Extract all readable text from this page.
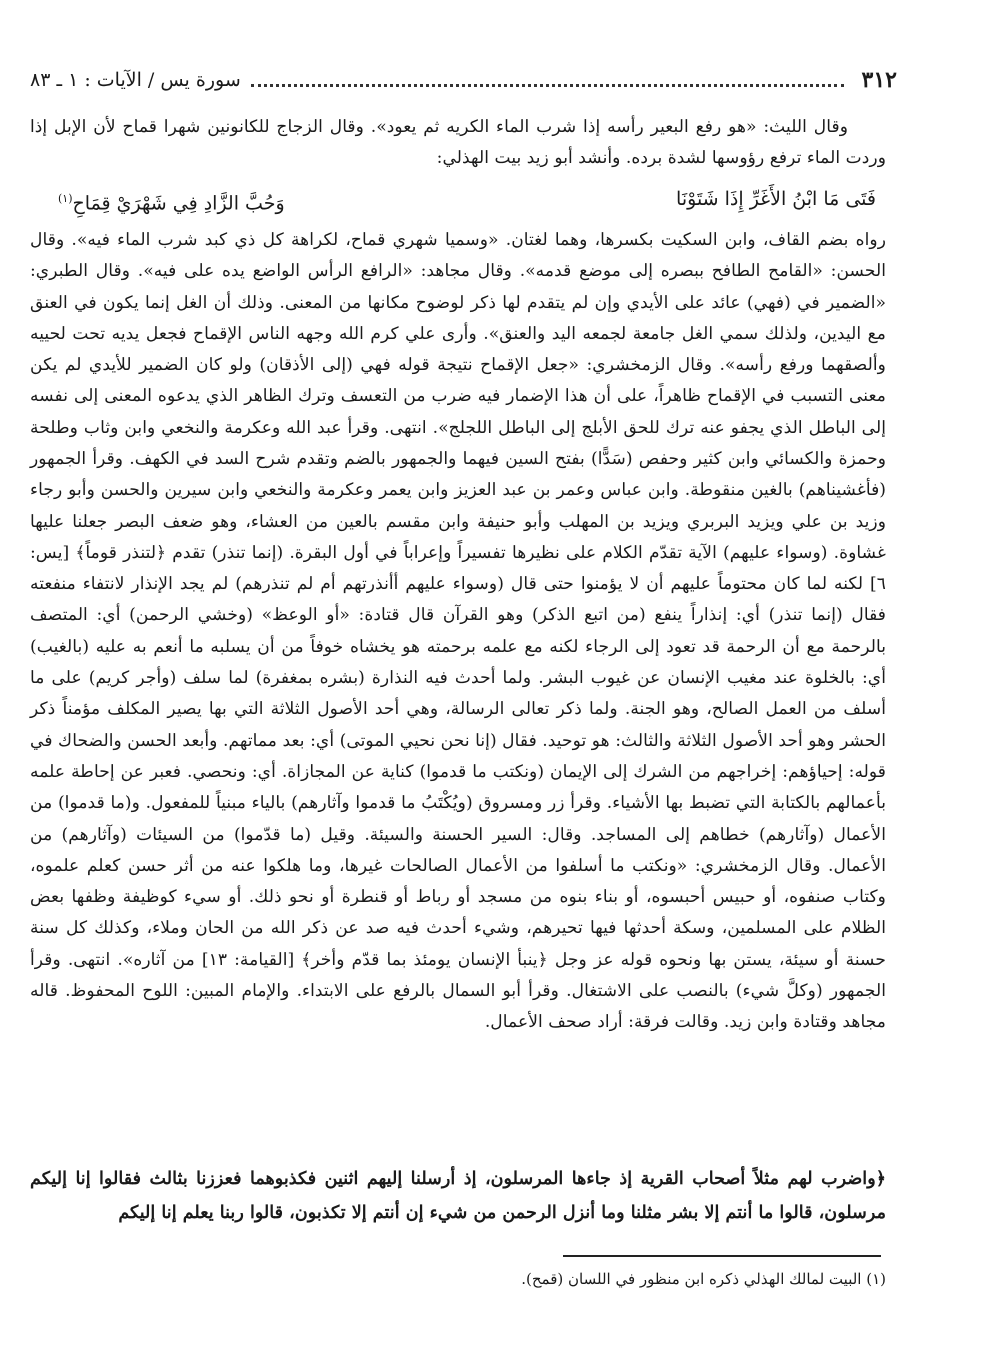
٣١٢
سورة يس / الآيات : ١ ـ ٨٣

وقال الليث: «هو رفع البعير رأسه إذا شرب الماء الكريه ثم يعود». وقال الزجاج للكانونين شهرا قماح لأن الإبل إذا وردت الماء ترفع رؤوسها لشدة برده. وأنشد أبو زيد بيت الهذلي:

فَتَى مَا ابْنُ الأَغَرِّ إِذَا شَتَوْنَا
وَحُبَّ الزَّادِ فِي شَهْرَيْ قِمَاحِ$^{(١)}$

رواه بضم القاف، وابن السكيت بكسرها، وهما لغتان. «وسميا شهري قماح، لكراهة كل ذي كبد شرب الماء فيه». وقال الحسن: «القامح الطافح ببصره إلى موضع قدمه». وقال مجاهد: «الرافع الرأس الواضع يده على فيه». وقال الطبري: «الضمير في (فهي) عائد على الأيدي وإن لم يتقدم لها ذكر لوضوح مكانها من المعنى. وذلك أن الغل إنما يكون في العنق مع اليدين، ولذلك سمي الغل جامعة لجمعه اليد والعنق». وأرى علي كرم الله وجهه الناس الإقماح فجعل يديه تحت لحييه وألصقهما ورفع رأسه». وقال الزمخشري: «جعل الإقماح نتيجة قوله فهي (إلى الأذقان) ولو كان الضمير للأيدي لم يكن معنى التسبب في الإقماح ظاهراً، على أن هذا الإضمار فيه ضرب من التعسف وترك الظاهر الذي يدعوه المعنى إلى نفسه إلى الباطل الذي يجفو عنه ترك للحق الأبلج إلى الباطل اللجلج». انتهى. وقرأ عبد الله وعكرمة والنخعي وابن وثاب وطلحة وحمزة والكسائي وابن كثير وحفص (سَدًّا) بفتح السين فيهما والجمهور بالضم وتقدم شرح السد في الكهف. وقرأ الجمهور (فأغشيناهم) بالغين منقوطة. وابن عباس وعمر بن عبد العزيز وابن يعمر وعكرمة والنخعي وابن سيرين والحسن وأبو رجاء وزيد بن علي ويزيد البربري ويزيد بن المهلب وأبو حنيفة وابن مقسم بالعين من العشاء، وهو ضعف البصر جعلنا عليها غشاوة. (وسواء عليهم) الآية تقدّم الكلام على نظيرها تفسيراً وإعراباً في أول البقرة. (إنما تنذر) تقدم ﴿لتنذر قوماً﴾ [يس: ٦] لكنه لما كان محتوماً عليهم أن لا يؤمنوا حتى قال (وسواء عليهم أأنذرتهم أم لم تنذرهم) لم يجد الإنذار لانتفاء منفعته فقال (إنما تنذر) أي: إنذاراً ينفع (من اتبع الذكر) وهو القرآن قال قتادة: «أو الوعظ» (وخشي الرحمن) أي: المتصف بالرحمة مع أن الرحمة قد تعود إلى الرجاء لكنه مع علمه برحمته هو يخشاه خوفاً من أن يسلبه ما أنعم به عليه (بالغيب) أي: بالخلوة عند مغيب الإنسان عن غيوب البشر. ولما أحدث فيه النذارة (بشره بمغفرة) لما سلف (وأجر كريم) على ما أسلف من العمل الصالح، وهو الجنة. ولما ذكر تعالى الرسالة، وهي أحد الأصول الثلاثة التي بها يصير المكلف مؤمناً ذكر الحشر وهو أحد الأصول الثلاثة والثالث: هو توحيد. فقال (إنا نحن نحيي الموتى) أي: بعد مماتهم. وأبعد الحسن والضحاك في قوله: إحياؤهم: إخراجهم من الشرك إلى الإيمان (ونكتب ما قدموا) كناية عن المجازاة. أي: ونحصي. فعبر عن إحاطة علمه بأعمالهم بالكتابة التي تضبط بها الأشياء. وقرأ زر ومسروق (ويُكْتَبُ ما قدموا وآثارهم) بالياء مبنياً للمفعول. و(ما قدموا) من الأعمال (وآثارهم) خطاهم إلى المساجد. وقال: السير الحسنة والسيئة. وقيل (ما قدّموا) من السيئات (وآثارهم) من الأعمال. وقال الزمخشري: «ونكتب ما أسلفوا من الأعمال الصالحات غيرها، وما هلكوا عنه من أثر حسن كعلم علموه، وكتاب صنفوه، أو حبيس أحبسوه، أو بناء بنوه من مسجد أو رباط أو قنطرة أو نحو ذلك. أو سيء كوظيفة وظفها بعض الظلام على المسلمين، وسكة أحدثها فيها تحيرهم، وشيء أحدث فيه صد عن ذكر الله من الحان وملاء، وكذلك كل سنة حسنة أو سيئة، يستن بها ونحوه قوله عز وجل ﴿ينبأ الإنسان يومئذ بما قدّم وأخر﴾ [القيامة: ١٣] من آثاره». انتهى. وقرأ الجمهور (وكلَّ شيء) بالنصب على الاشتغال. وقرأ أبو السمال بالرفع على الابتداء. والإمام المبين: اللوح المحفوظ. قاله مجاهد وقتادة وابن زيد. وقالت فرقة: أراد صحف الأعمال.

﴿واضرب لهم مثلاً أصحاب القرية إذ جاءها المرسلون، إذ أرسلنا إليهم اثنين فكذبوهما فعززنا بثالث فقالوا إنا إليكم مرسلون، قالوا ما أنتم إلا بشر مثلنا وما أنزل الرحمن من شيء إن أنتم إلا تكذبون، قالوا ربنا يعلم إنا إليكم
(١) البيت لمالك الهذلي ذكره ابن منظور في اللسان (قمح).
